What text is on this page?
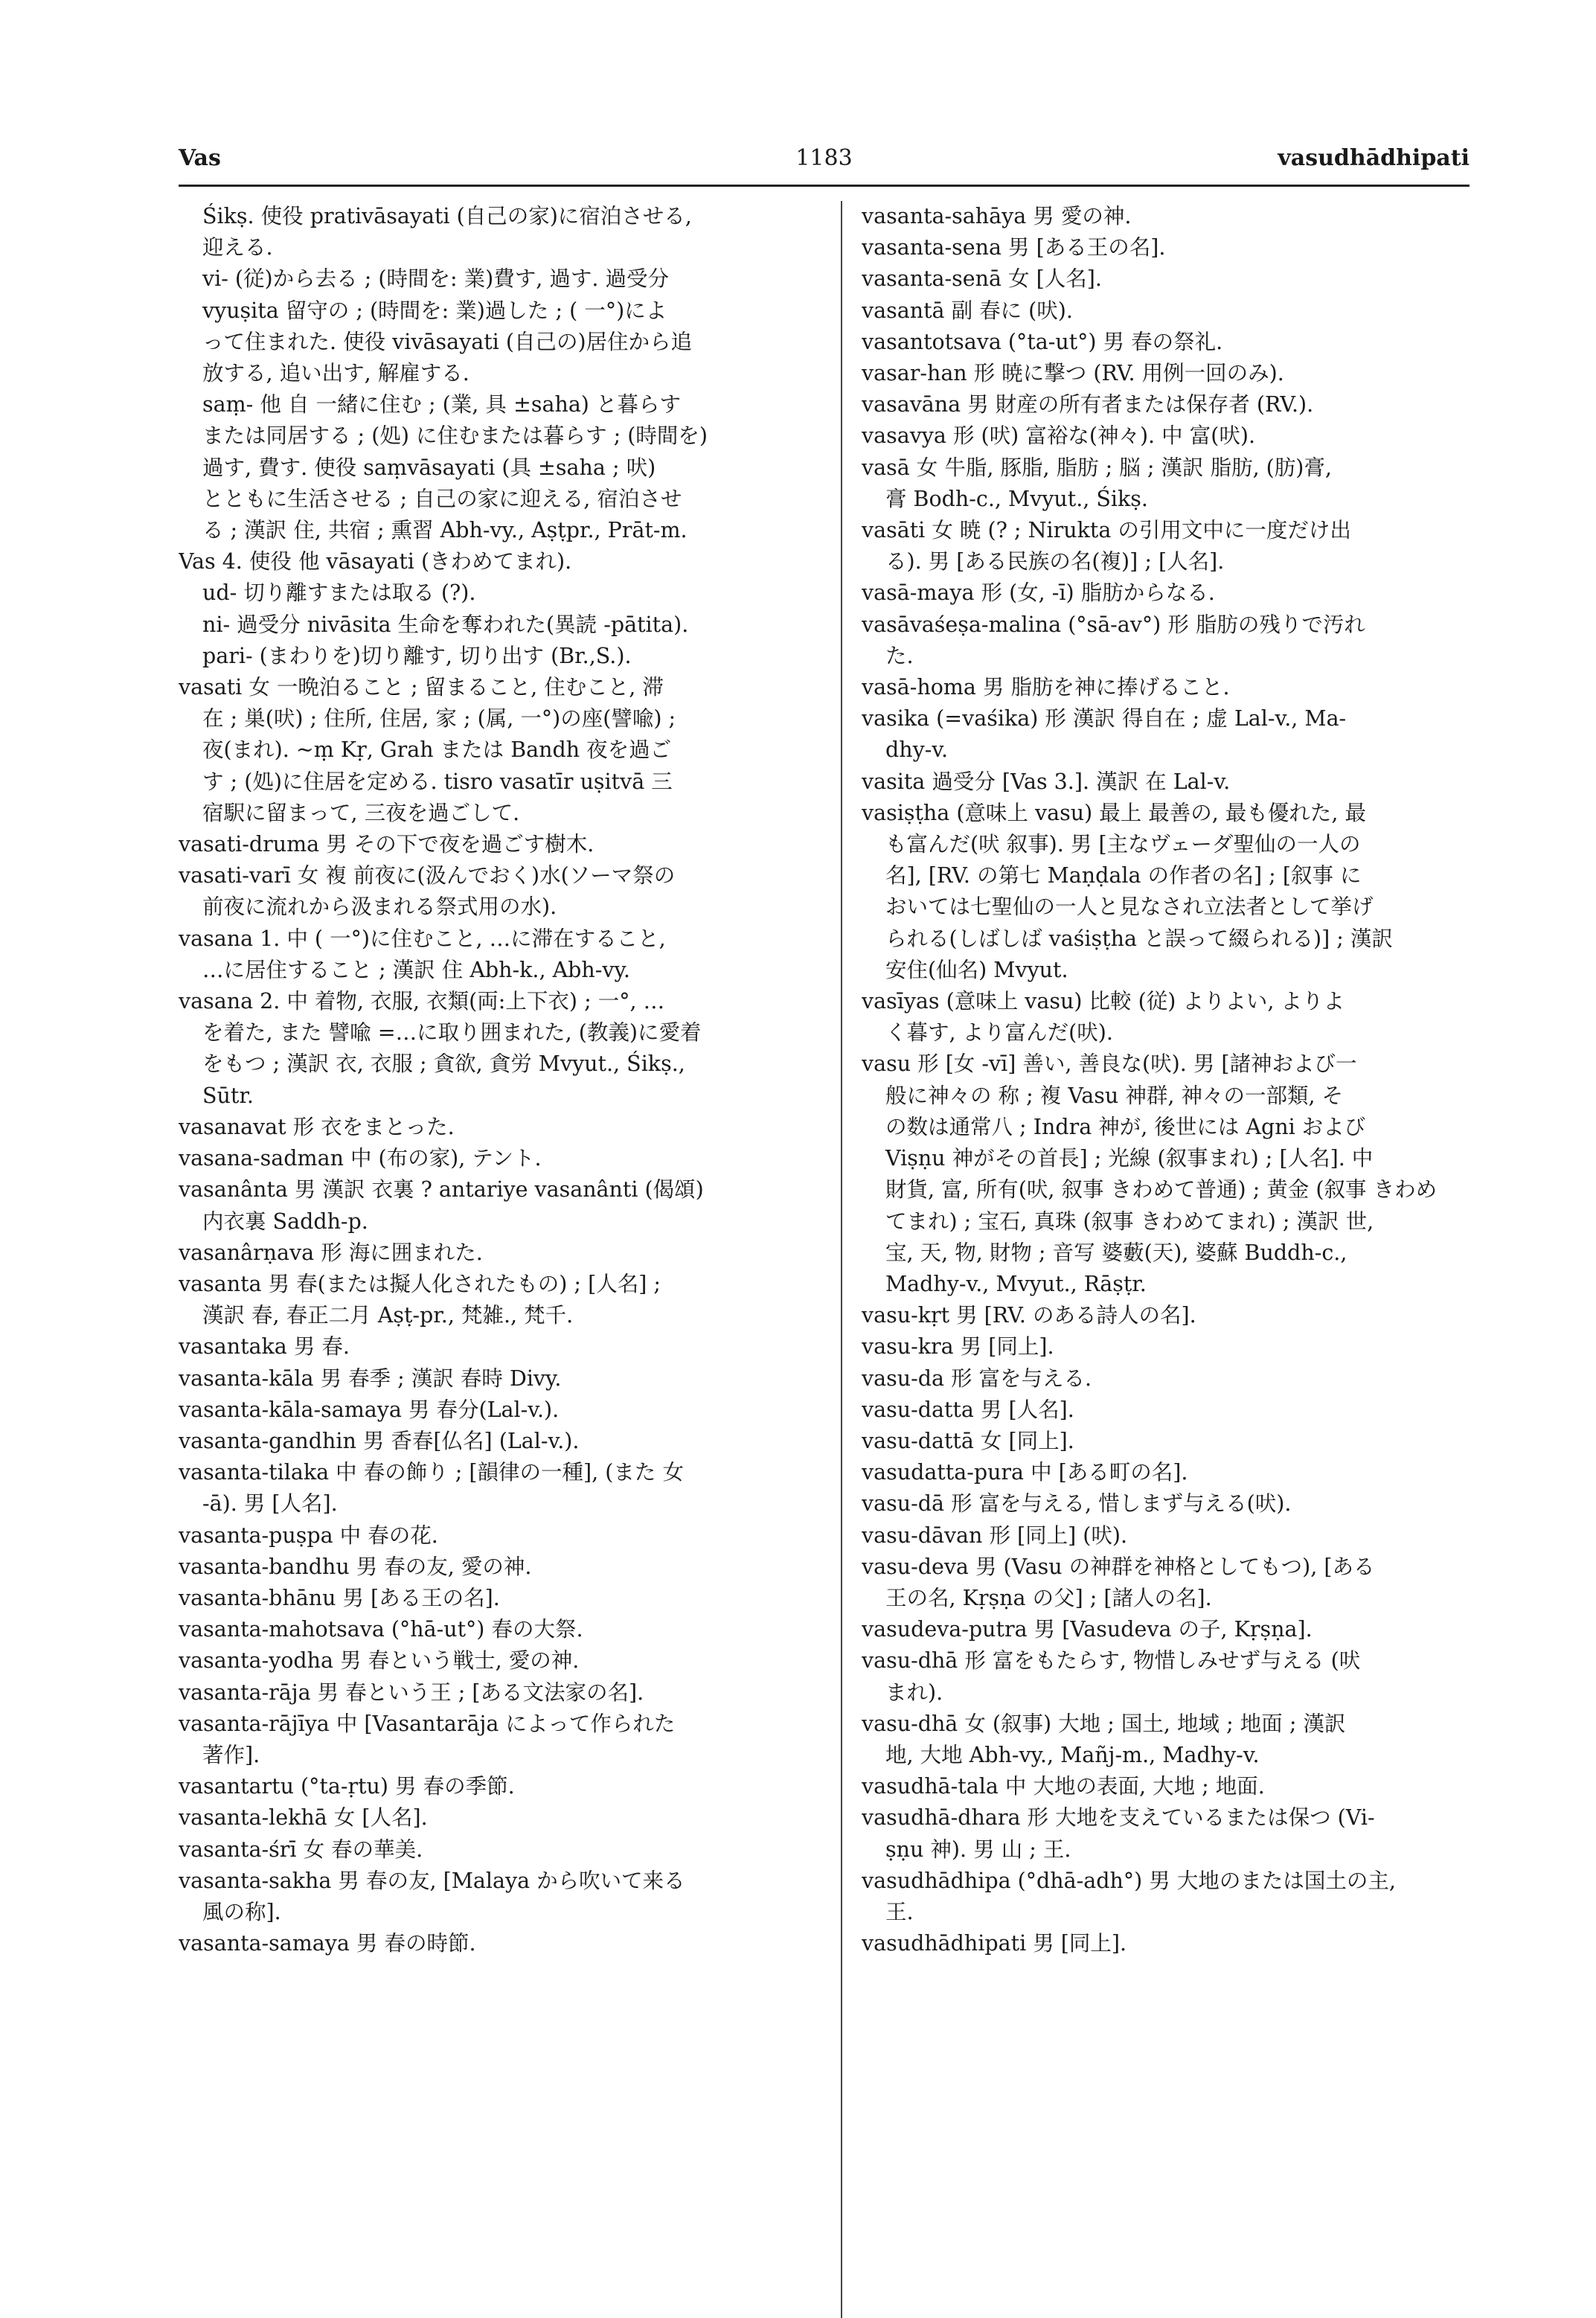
Vas	1183	vasudhādhipati
Śikṣ. 使役 prativāsayati (自己の家)に宿泊させる,
迎える.
vi- (従)から去る ; (時間を: 業)費す, 過す. 過受分
vyuṣita 留守の ; (時間を: 業)過した ; ( 一°)によ
って住まれた. 使役 vivāsayati (自己の)居住から追
放する, 追い出す, 解雇する.
saṃ- 他 自 一緒に住む ; (業, 具 ±saha) と暮らす
または同居する ; (処) に住むまたは暮らす ; (時間を)
過す, 費す. 使役 saṃvāsayati (具 ±saha ; 吠)
とともに生活させる ; 自己の家に迎える, 宿泊させ
る ; 漢訳 住, 共宿 ; 熏習 Abh-vy., Aṣṭpr., Prāt-m.
Vas 4. 使役 他 vāsayati (きわめてまれ).
ud- 切り離すまたは取る (?).
ni- 過受分 nivāsita 生命を奪われた(異読 -pātita).
pari- (まわりを)切り離す, 切り出す (Br.,S.).
vasati 女 一晩泊ること ; 留まること, 住むこと, 滞
在 ; 巣(吠) ; 住所, 住居, 家 ; (属, 一°)の座(譬喩) ;
夜(まれ). ~ṃ Kṛ, Grah または Bandh 夜を過ご
す ; (処)に住居を定める. tisro vasatīr uṣitvā 三
宿駅に留まって, 三夜を過ごして.
vasati-druma 男 その下で夜を過ごす樹木.
vasati-varī 女 複 前夜に(汲んでおく)水(ソーマ祭の
前夜に流れから汲まれる祭式用の水).
vasana 1. 中 ( 一°)に住むこと, …に滞在すること,
…に居住すること ; 漢訳 住 Abh-k., Abh-vy.
vasana 2. 中 着物, 衣服, 衣類(両:上下衣) ; 一°, …
を着た, また 譬喩 =…に取り囲まれた, (教義)に愛着
をもつ ; 漢訳 衣, 衣服 ; 貪欲, 貪労 Mvyut., Śikṣ.,
Sūtr.
vasanavat 形 衣をまとった.
vasana-sadman 中 (布の家), テント.
vasanânta 男 漢訳 衣裏 ? antariye vasanânti (偈頌)
内衣裏 Saddh-p.
vasanârṇava 形 海に囲まれた.
vasanta 男 春(または擬人化されたもの) ; [人名] ;
漢訳 春, 春正二月 Aṣṭ-pr., 梵雑., 梵千.
vasantaka 男 春.
vasanta-kāla 男 春季 ; 漢訳 春時 Divy.
vasanta-kāla-samaya 男 春分(Lal-v.).
vasanta-gandhin 男 香春[仏名] (Lal-v.).
vasanta-tilaka 中 春の飾り ; [韻律の一種], (また 女
-ā). 男 [人名].
vasanta-puṣpa 中 春の花.
vasanta-bandhu 男 春の友, 愛の神.
vasanta-bhānu 男 [ある王の名].
vasanta-mahotsava (°hā-ut°) 春の大祭.
vasanta-yodha 男 春という戦士, 愛の神.
vasanta-rāja 男 春という王 ; [ある文法家の名].
vasanta-rājīya 中 [Vasantarāja によって作られた
著作].
vasantartu (°ta-ṛtu) 男 春の季節.
vasanta-lekhā 女 [人名].
vasanta-śrī 女 春の華美.
vasanta-sakha 男 春の友, [Malaya から吹いて来る
風の称].
vasanta-samaya 男 春の時節.
vasanta-sahāya 男 愛の神.
vasanta-sena 男 [ある王の名].
vasanta-senā 女 [人名].
vasantā 副 春に (吠).
vasantotsava (°ta-ut°) 男 春の祭礼.
vasar-han 形 暁に撃つ (RV. 用例一回のみ).
vasavāna 男 財産の所有者または保存者 (RV.).
vasavya 形 (吠) 富裕な(神々). 中 富(吠).
vasā 女 牛脂, 豚脂, 脂肪 ; 脳 ; 漢訳 脂肪, (肪)膏,
膏 Bodh-c., Mvyut., Śikṣ.
vasāti 女 暁 (? ; Nirukta の引用文中に一度だけ出
る). 男 [ある民族の名(複)] ; [人名].
vasā-maya 形 (女, -ī) 脂肪からなる.
vasāvaśeṣa-malina (°sā-av°) 形 脂肪の残りで汚れ
た.
vasā-homa 男 脂肪を神に捧げること.
vasika (=vaśika) 形 漢訳 得自在 ; 虚 Lal-v., Ma-
dhy-v.
vasita 過受分 [Vas 3.]. 漢訳 在 Lal-v.
vasiṣṭha (意味上 vasu) 最上 最善の, 最も優れた, 最
も富んだ(吠 叙事). 男 [主なヴェーダ聖仙の一人の
名], [RV. の第七 Maṇḍala の作者の名] ; [叙事 に
おいては七聖仙の一人と見なされ立法者として挙げ
られる(しばしば vaśiṣṭha と誤って綴られる)] ; 漢訳
安住(仙名) Mvyut.
vasīyas (意味上 vasu) 比較 (従) よりよい, よりよ
く暮す, より富んだ(吠).
vasu 形 [女 -vī] 善い, 善良な(吠). 男 [諸神および一
般に神々の 称 ; 複 Vasu 神群, 神々の一部類, そ
の数は通常八 ; Indra 神が, 後世には Agni および
Viṣṇu 神がその首長] ; 光線 (叙事まれ) ; [人名]. 中
財貨, 富, 所有(吠, 叙事 きわめて普通) ; 黄金 (叙事 きわめ
てまれ) ; 宝石, 真珠 (叙事 きわめてまれ) ; 漢訳 世,
宝, 天, 物, 財物 ; 音写 婆藪(天), 婆蘇 Buddh-c.,
Madhy-v., Mvyut., Rāṣṭr.
vasu-kṛt 男 [RV. のある詩人の名].
vasu-kra 男 [同上].
vasu-da 形 富を与える.
vasu-datta 男 [人名].
vasu-dattā 女 [同上].
vasudatta-pura 中 [ある町の名].
vasu-dā 形 富を与える, 惜しまず与える(吠).
vasu-dāvan 形 [同上] (吠).
vasu-deva 男 (Vasu の神群を神格としてもつ), [ある
王の名, Kṛṣṇa の父] ; [諸人の名].
vasudeva-putra 男 [Vasudeva の子, Kṛṣṇa].
vasu-dhā 形 富をもたらす, 物惜しみせず与える (吠
まれ).
vasu-dhā 女 (叙事) 大地 ; 国土, 地域 ; 地面 ; 漢訳
地, 大地 Abh-vy., Mañj-m., Madhy-v.
vasudhā-tala 中 大地の表面, 大地 ; 地面.
vasudhā-dhara 形 大地を支えているまたは保つ (Vi-
ṣṇu 神). 男 山 ; 王.
vasudhādhipa (°dhā-adh°) 男 大地のまたは国土の主,
王.
vasudhādhipati 男 [同上].
